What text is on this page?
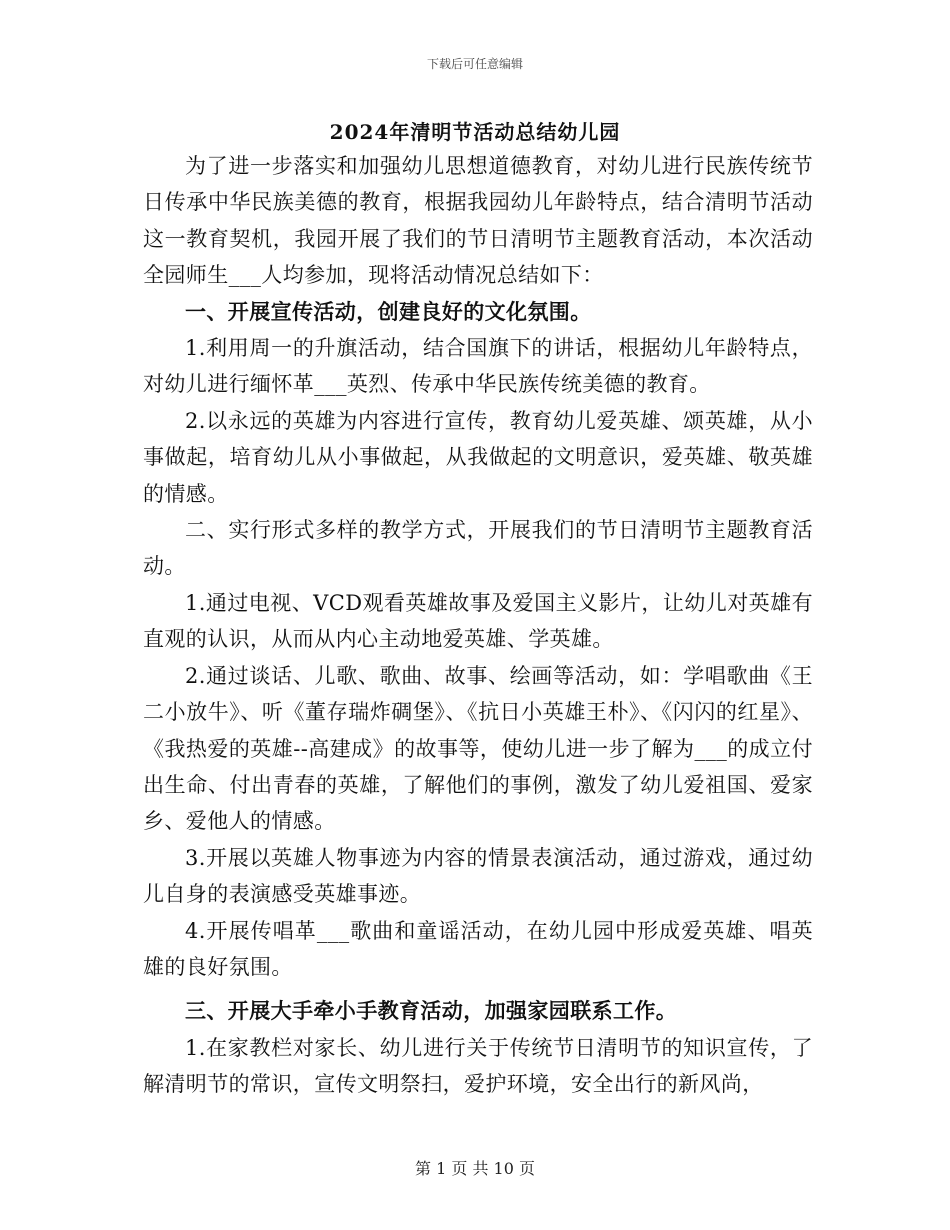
下载后可任意编辑
2024年清明节活动总结幼儿园

为了进一步落实和加强幼儿思想道德教育，对幼儿进行民族传统节日传承中华民族美德的教育，根据我园幼儿年龄特点，结合清明节活动这一教育契机，我园开展了我们的节日清明节主题教育活动，本次活动全园师生___人均参加，现将活动情况总结如下：

一、开展宣传活动，创建良好的文化氛围。

1.利用周一的升旗活动，结合国旗下的讲话，根据幼儿年龄特点，对幼儿进行缅怀革___英烈、传承中华民族传统美德的教育。

2.以永远的英雄为内容进行宣传，教育幼儿爱英雄、颂英雄，从小事做起，培育幼儿从小事做起，从我做起的文明意识，爱英雄、敬英雄的情感。

二、实行形式多样的教学方式，开展我们的节日清明节主题教育活动。

1.通过电视、VCD观看英雄故事及爱国主义影片，让幼儿对英雄有直观的认识，从而从内心主动地爱英雄、学英雄。

2.通过谈话、儿歌、歌曲、故事、绘画等活动，如：学唱歌曲《王二小放牛》、听《董存瑞炸碉堡》、《抗日小英雄王朴》、《闪闪的红星》、《我热爱的英雄--高建成》的故事等，使幼儿进一步了解为___的成立付出生命、付出青春的英雄，了解他们的事例，激发了幼儿爱祖国、爱家乡、爱他人的情感。

3.开展以英雄人物事迹为内容的情景表演活动，通过游戏，通过幼儿自身的表演感受英雄事迹。

4.开展传唱革___歌曲和童谣活动，在幼儿园中形成爱英雄、唱英雄的良好氛围。

三、开展大手牵小手教育活动，加强家园联系工作。

1.在家教栏对家长、幼儿进行关于传统节日清明节的知识宣传，了解清明节的常识，宣传文明祭扫，爱护环境，安全出行的新风尚，

第 1 页 共 10 页
